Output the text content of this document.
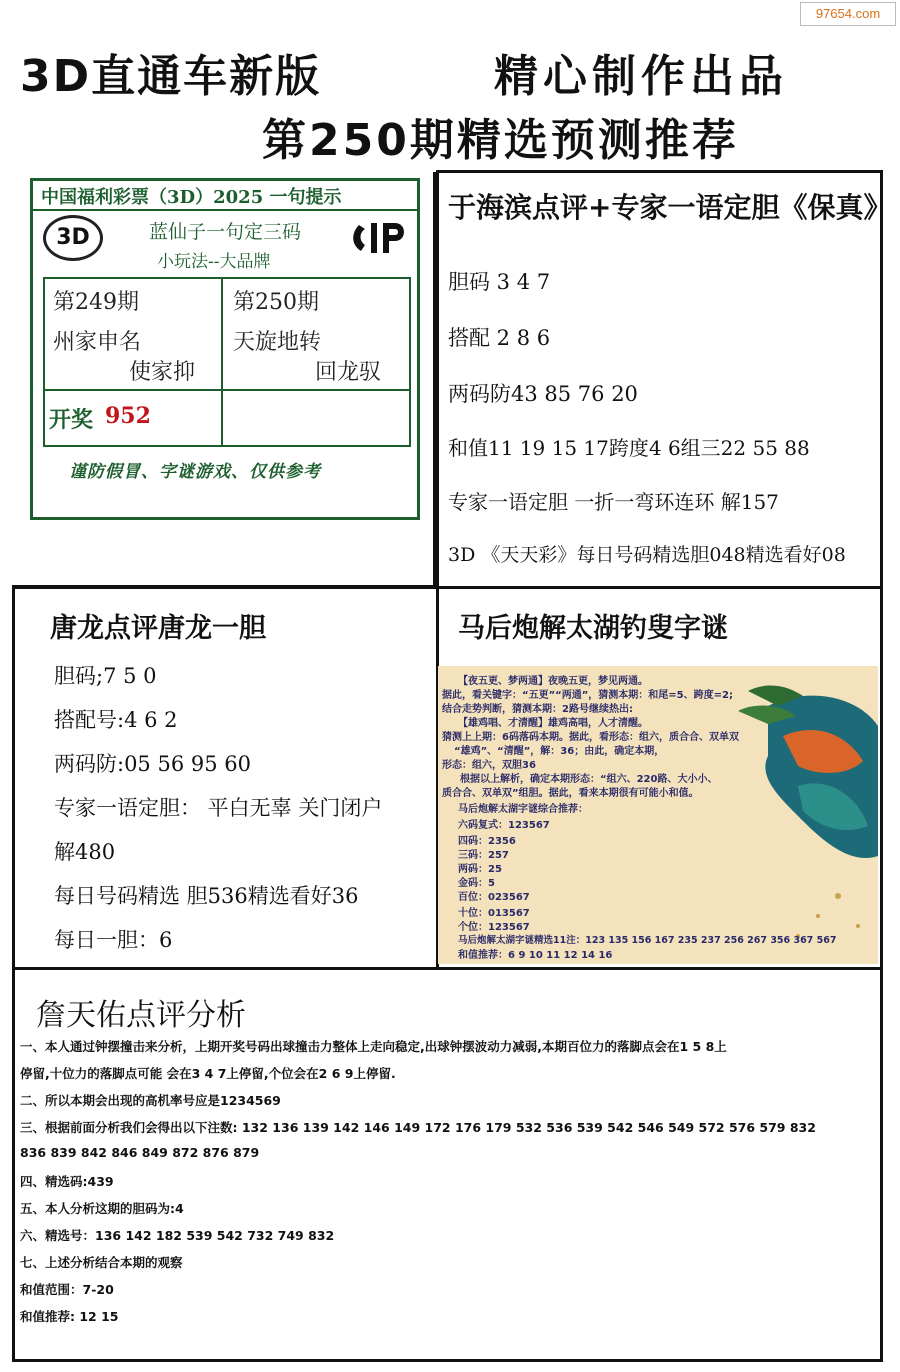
97654.com
3D直通车新版	精心制作出品
第250期精选预测推荐
中国福利彩票（3D）2025 一句提示
3D	蓝仙子一句定三码
小玩法--大品牌
第249期
州家申名
使家抑
第250期
天旋地转
回龙驭
开奖 952
谨防假冒、字谜游戏、仅供参考
于海滨点评+专家一语定胆《保真》
胆码 3 4 7
搭配 2 8 6
两码防43 85 76 20
和值11 19 15 17跨度4 6组三22 55 88
专家一语定胆 一折一弯环连环 解157
3D 《天天彩》每日号码精选胆048精选看好08
唐龙点评唐龙一胆
胆码;7 5 0
搭配号:4 6 2
两码防:05 56 95 60
专家一语定胆： 平白无辜 关门闭户
解480
每日号码精选 胆536精选看好36
每日一胆：6
马后炮解太湖钓叟字谜
【夜五更、梦两通】夜晚五更，梦见两通。
据此，看关键字：“五更”“两通”，猜测本期：和尾=5、跨度=2;
结合走势判断，猜测本期：2路号继续热出:
【雄鸡唱、才清醒】雄鸡高唱，人才清醒。
猜测上上期：6码落码本期。据此，看形态：组六，质合合、双单双
“雄鸡”、“清醒”，解：36；由此，确定本期，
形态：组六，双胆36
根据以上解析，确定本期形态：“组六、220路、大小小、
质合合、双单双”组胆。据此，看来本期很有可能小和值。
马后炮解太湖字谜综合推荐：
六码复式：123567
四码：2356
三码：257
两码：25
金码：5
百位：023567
十位：013567
个位：123567
马后炮解太湖字谜精选11注：123 135 156 167 235 237 256 267 356 367 567
和值推荐：6 9 10 11 12 14 16
詹天佑点评分析
一、本人通过钟摆撞击来分析，上期开奖号码出球撞击力整体上走向稳定,出球钟摆波动力减弱,本期百位力的落脚点会在1 5 8上
停留,十位力的落脚点可能 会在3 4 7上停留,个位会在2 6 9上停留.
二、所以本期会出现的高机率号应是1234569
三、根据前面分析我们会得出以下注数: 132 136 139 142 146 149 172 176 179 532 536 539 542 546 549 572 576 579 832
836 839 842 846 849 872 876 879
四、精选码:439
五、本人分析这期的胆码为:4
六、精选号：136 142 182 539 542 732 749 832
七、上述分析结合本期的观察
和值范围：7-20
和值推荐: 12 15
